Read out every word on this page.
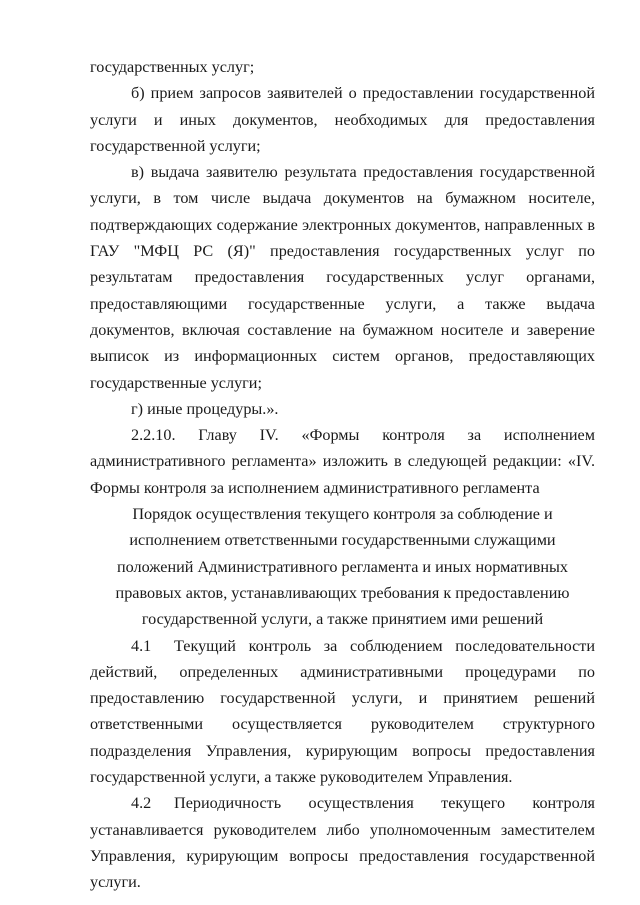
государственных услуг;

б) прием запросов заявителей о предоставлении государственной услуги и иных документов, необходимых для предоставления государственной услуги;

в) выдача заявителю результата предоставления государственной услуги, в том числе выдача документов на бумажном носителе, подтверждающих содержание электронных документов, направленных в ГАУ "МФЦ РС (Я)" предоставления государственных услуг по результатам предоставления государственных услуг органами, предоставляющими государственные услуги, а также выдача документов, включая составление на бумажном носителе и заверение выписок из информационных систем органов, предоставляющих государственные услуги;

г) иные процедуры.».

2.2.10. Главу IV. «Формы контроля за исполнением административного регламента» изложить в следующей редакции: «IV. Формы контроля за исполнением административного регламента

Порядок осуществления текущего контроля за соблюдение и исполнением ответственными государственными служащими положений Административного регламента и иных нормативных правовых актов, устанавливающих требования к предоставлению государственной услуги, а также принятием ими решений

4.1 Текущий контроль за соблюдением последовательности действий, определенных административными процедурами по предоставлению государственной услуги, и принятием решений ответственными осуществляется руководителем структурного подразделения Управления, курирующим вопросы предоставления государственной услуги, а также руководителем Управления.

4.2 Периодичность осуществления текущего контроля устанавливается руководителем либо уполномоченным заместителем Управления, курирующим вопросы предоставления государственной услуги.
